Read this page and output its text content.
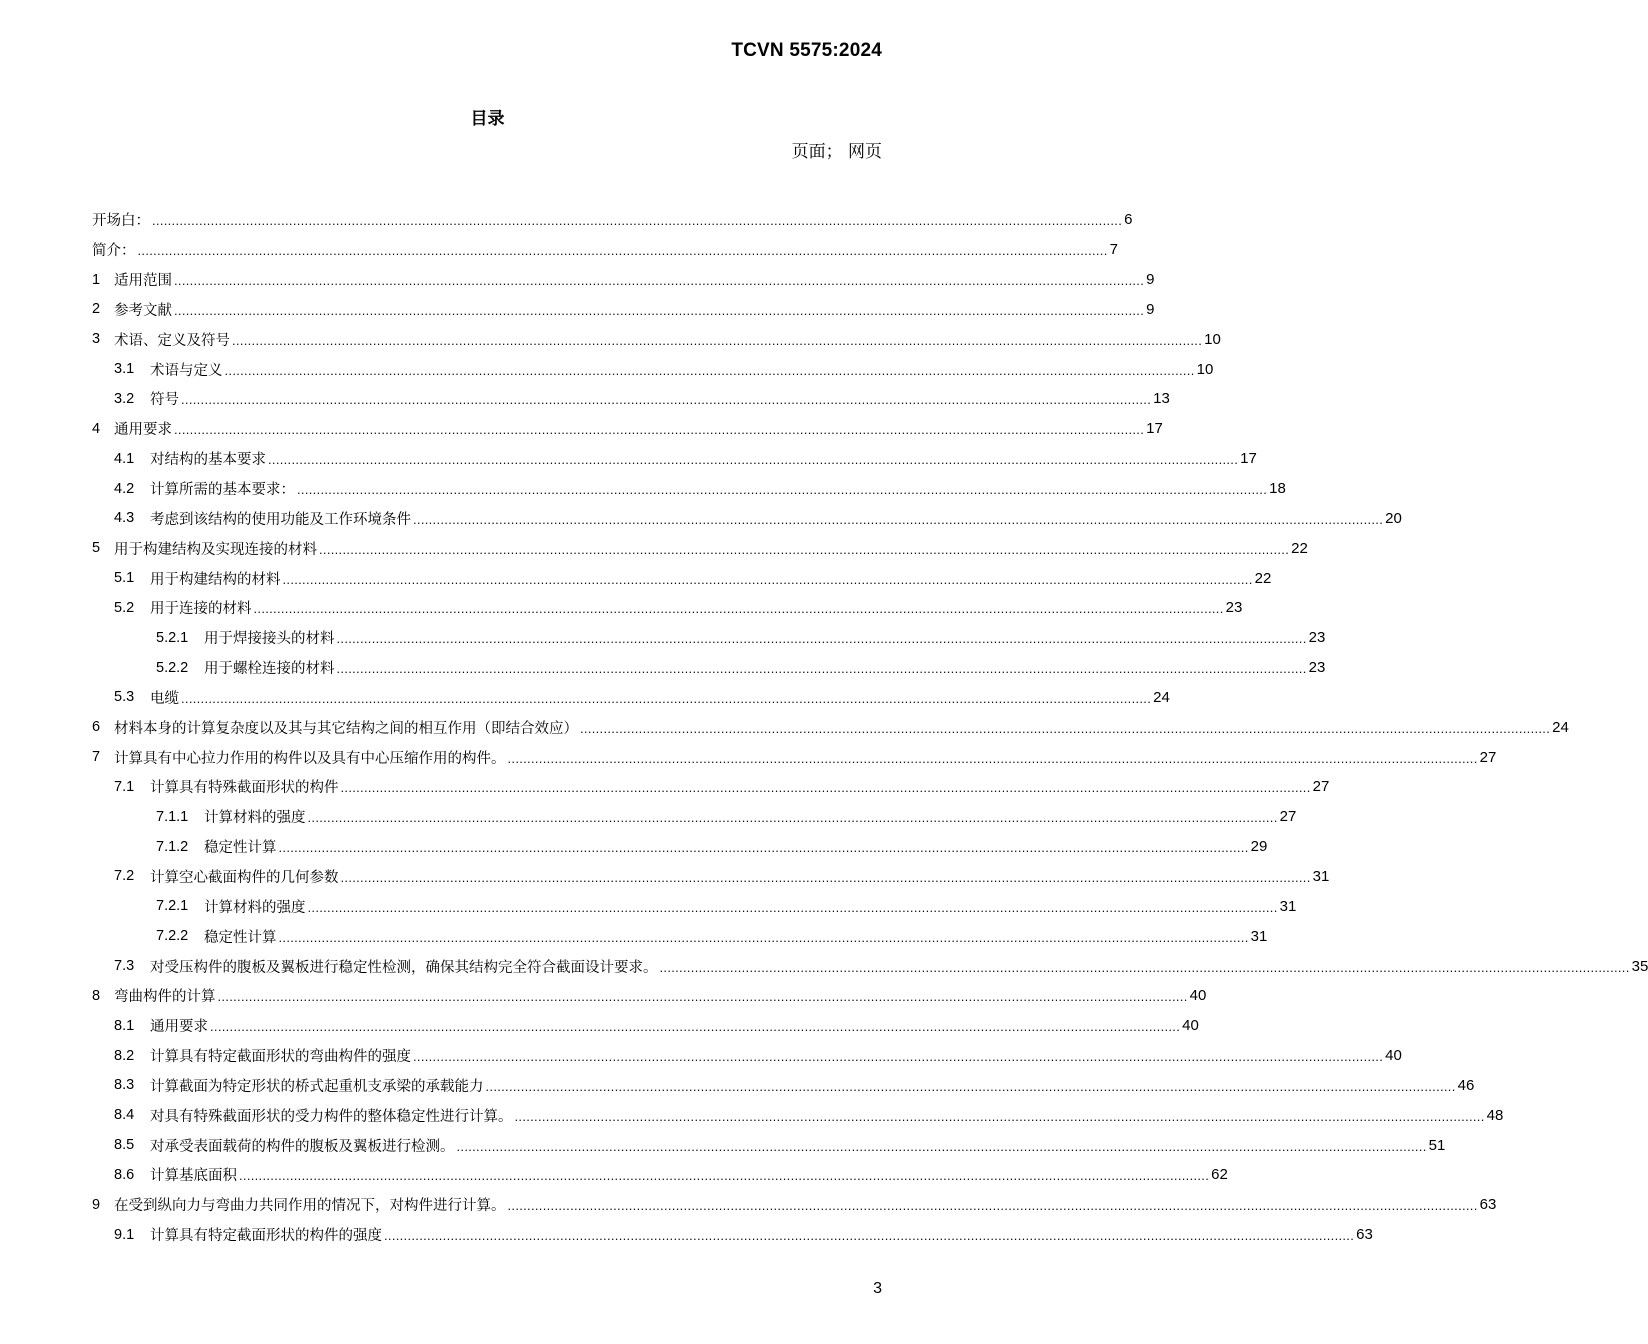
TCVN 5575:2024
目录
页面； 网页
开场白： .....	6
简介： .....	7
1 适用范围 .....	9
2 参考文献 .....	9
3 术语、定义及符号 .....	10
3.1	术语与定义 .....	10
3.2	符号 .....	13
4 通用要求 .....	17
4.1	对结构的基本要求 .....	17
4.2	计算所需的基本要求： .....	18
4.3	考虑到该结构的使用功能及工作环境条件 .....	20
5 用于构建结构及实现连接的材料 .....	22
5.1	用于构建结构的材料 .....	22
5.2	用于连接的材料 .....	23
5.2.1	用于焊接接头的材料 .....	23
5.2.2	用于螺栓连接的材料 .....	23
5.3	电缆 .....	24
6 材料本身的计算复杂度以及其与其它结构之间的相互作用（即结合效应） .....	24
7 计算具有中心拉力作用的构件以及具有中心压缩作用的构件。 .....	27
7.1	计算具有特殊截面形状的构件 .....	27
7.1.1	计算材料的强度 .....	27
7.1.2	稳定性计算 .....	29
7.2	计算空心截面构件的几何参数 .....	31
7.2.1	计算材料的强度 .....	31
7.2.2	稳定性计算 .....	31
7.3	对受压构件的腹板及翼板进行稳定性检测，确保其结构完全符合截面设计要求。 .....	35
8 弯曲构件的计算 .....	40
8.1	通用要求 .....	40
8.2	计算具有特定截面形状的弯曲构件的强度 .....	40
8.3	计算截面为特定形状的桥式起重机支承梁的承载能力 .....	46
8.4	对具有特殊截面形状的受力构件的整体稳定性进行计算。 .....	48
8.5	对承受表面载荷的构件的腹板及翼板进行检测。 .....	51
8.6	计算基底面积 .....	62
9 在受到纵向力与弯曲力共同作用的情况下，对构件进行计算。 .....	63
9.1	计算具有特定截面形状的构件的强度 .....	63
3
